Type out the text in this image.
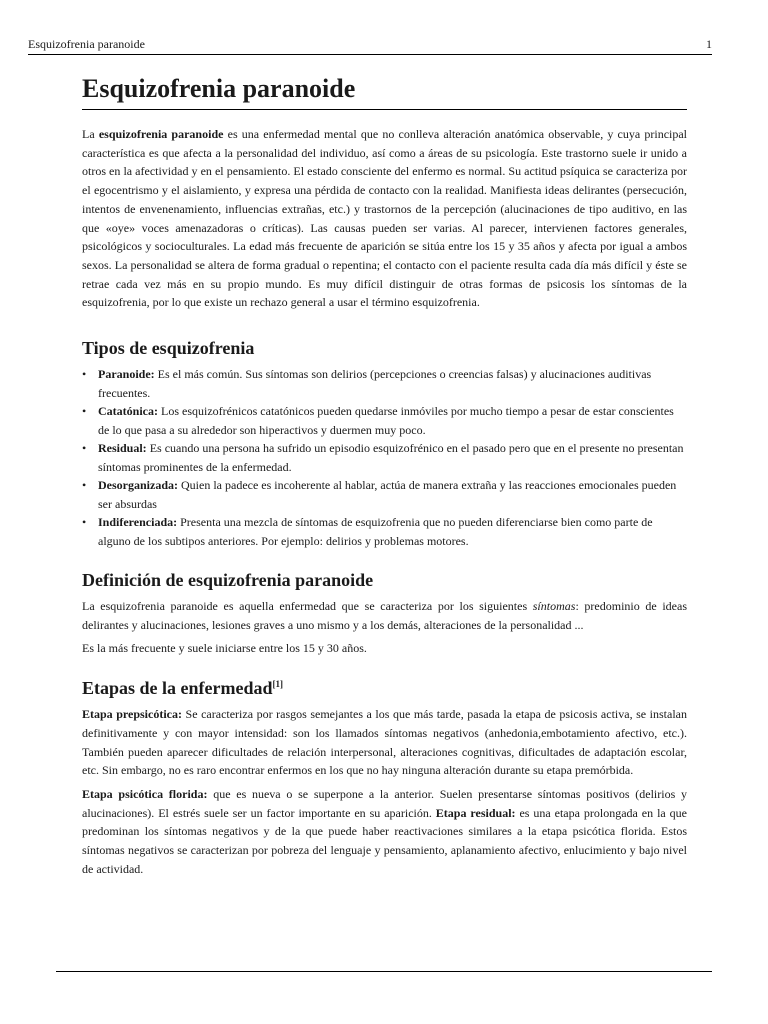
Esquizofrenia paranoide	1
Esquizofrenia paranoide

La esquizofrenia paranoide es una enfermedad mental que no conlleva alteración anatómica observable, y cuya principal característica es que afecta a la personalidad del individuo, así como a áreas de su psicología. Este trastorno suele ir unido a otros en la afectividad y en el pensamiento. El estado consciente del enfermo es normal. Su actitud psíquica se caracteriza por el egocentrismo y el aislamiento, y expresa una pérdida de contacto con la realidad. Manifiesta ideas delirantes (persecución, intentos de envenenamiento, influencias extrañas, etc.) y trastornos de la percepción (alucinaciones de tipo auditivo, en las que «oye» voces amenazadoras o críticas). Las causas pueden ser varias. Al parecer, intervienen factores generales, psicológicos y socioculturales. La edad más frecuente de aparición se sitúa entre los 15 y 35 años y afecta por igual a ambos sexos. La personalidad se altera de forma gradual o repentina; el contacto con el paciente resulta cada día más difícil y éste se retrae cada vez más en su propio mundo. Es muy difícil distinguir de otras formas de psicosis los síntomas de la esquizofrenia, por lo que existe un rechazo general a usar el término esquizofrenia.

Tipos de esquizofrenia
• Paranoide: Es el más común. Sus síntomas son delirios (percepciones o creencias falsas) y alucinaciones auditivas frecuentes.
• Catatónica: Los esquizofrénicos catatónicos pueden quedarse inmóviles por mucho tiempo a pesar de estar conscientes de lo que pasa a su alrededor son hiperactivos y duermen muy poco.
• Residual: Es cuando una persona ha sufrido un episodio esquizofrénico en el pasado pero que en el presente no presentan síntomas prominentes de la enfermedad.
• Desorganizada: Quien la padece es incoherente al hablar, actúa de manera extraña y las reacciones emocionales pueden ser absurdas
• Indiferenciada: Presenta una mezcla de síntomas de esquizofrenia que no pueden diferenciarse bien como parte de alguno de los subtipos anteriores. Por ejemplo: delirios y problemas motores.
Definición de esquizofrenia paranoide

La esquizofrenia paranoide es aquella enfermedad que se caracteriza por los siguientes síntomas: predominio de ideas delirantes y alucinaciones, lesiones graves a uno mismo y a los demás, alteraciones de la personalidad ...

Es la más frecuente y suele iniciarse entre los 15 y 30 años.

Etapas de la enfermedad[1]

Etapa prepsicótica: Se caracteriza por rasgos semejantes a los que más tarde, pasada la etapa de psicosis activa, se instalan definitivamente y con mayor intensidad: son los llamados síntomas negativos (anhedonia,embotamiento afectivo, etc.). También pueden aparecer dificultades de relación interpersonal, alteraciones cognitivas, dificultades de adaptación escolar, etc. Sin embargo, no es raro encontrar enfermos en los que no hay ninguna alteración durante su etapa premórbida.

Etapa psicótica florida: que es nueva o se superpone a la anterior. Suelen presentarse síntomas positivos (delirios y alucinaciones). El estrés suele ser un factor importante en su aparición. Etapa residual: es una etapa prolongada en la que predominan los síntomas negativos y de la que puede haber reactivaciones similares a la etapa psicótica florida. Estos síntomas negativos se caracterizan por pobreza del lenguaje y pensamiento, aplanamiento afectivo, enlucimiento y bajo nivel de actividad.
